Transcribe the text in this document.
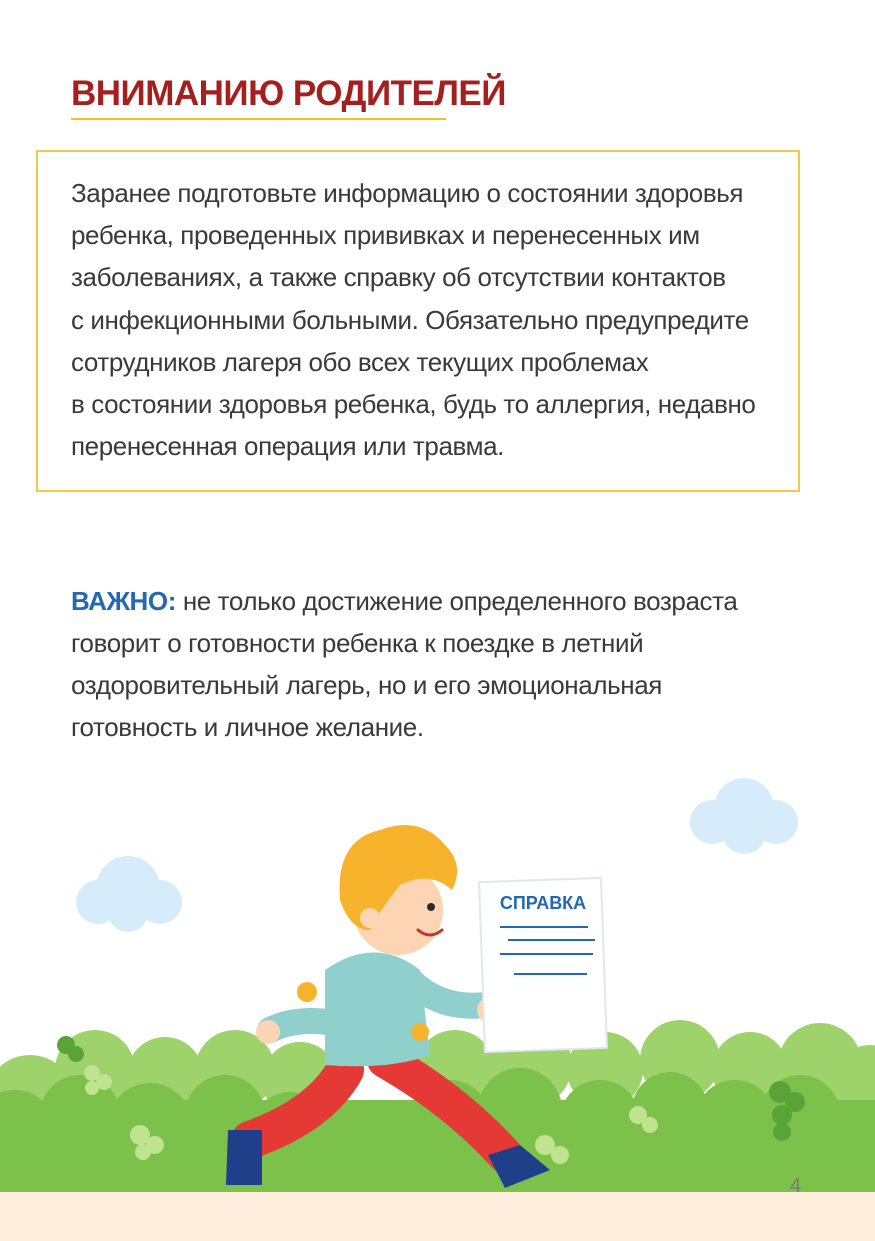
ВНИМАНИЮ РОДИТЕЛЕЙ

Заранее подготовьте информацию о состоянии здоровья
ребенка, проведенных прививках и перенесенных им
заболеваниях, а также справку об отсутствии контактов
с инфекционными больными. Обязательно предупредите
сотрудников лагеря обо всех текущих проблемах
в состоянии здоровья ребенка, будь то аллергия, недавно
перенесенная операция или травма.

ВАЖНО: не только достижение определенного возраста
говорит о готовности ребенка к поездке в летний
оздоровительный лагерь, но и его эмоциональная
готовность и личное желание.

СПРАВКА
4
